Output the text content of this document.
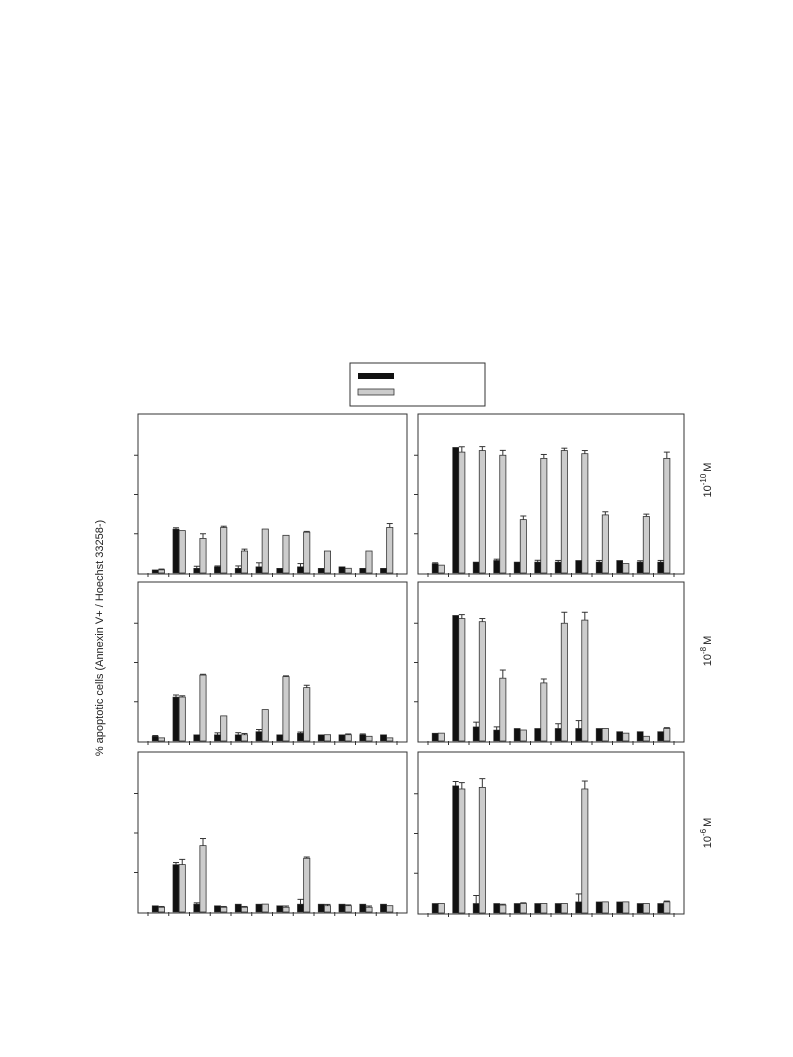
% apoptotic cells (Annexin V+ / Hoechst 33258-)
$10^{-10}M$
$10^{-8}M$
$10^{-6}M$
